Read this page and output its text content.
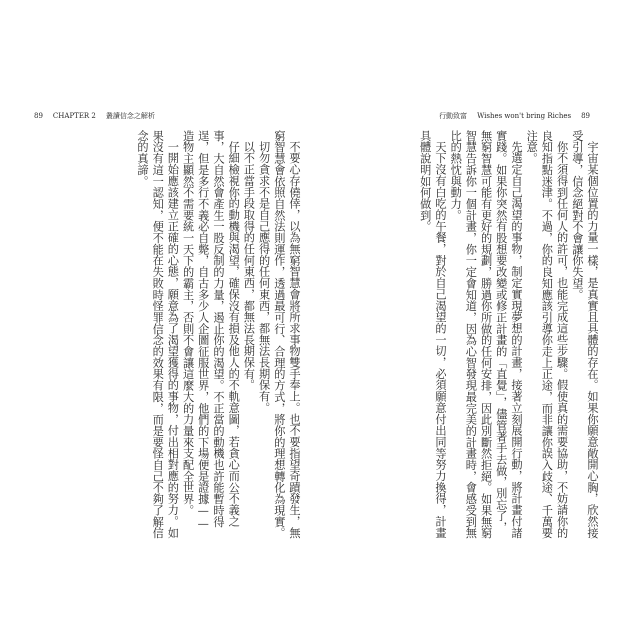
89 CHAPTER 2 叢讀信念之解析	行動致富 Wishes won't bring Riches 89

宇宙某個位置的力量一樣，是真實且具體的存在。如果你願意敞開心胸，欣然接受引導，信念絕對不會讓你失望。

你不須得到任何人的許可，也能完成這些步驟。假使真的需要協助，不妨請你的良知指點迷津。不過，你的良知應該引導你走上正途，而非讓你誤入歧途、千萬要注意。

先選定自己渴望的事物，制定實現夢想的計畫，接著立刻展開行動，將計畫付諸實踐。如果你突然有股想要改變或修正計畫的「直覺」，儘管著手去做，別忘了，無窮智慧可能有更好的規劃，勝過你所做的任何安排，因此別斷然拒絕。如果無窮智慧告訴你一個計畫，你一定會知道，因為心智發現最完美的計畫時，會感受到無比的熱忱與動力。

天下沒有白吃的午餐，對於自己渴望的一切，必須願意付出同等努力換得，計畫具體說明如何做到。

不要心存僥倖，以為無窮智慧會將所求事物雙手奉上。也不要指望奇蹟發生，無窮智慧會依照自然法則運作，透過最可行、合理的方式，將你的理想轉化為現實。

切勿貪求不是自己應得的任何東西，都無法長期保有。

以不正當手段取得的任何東西，都無法長期保有。

仔細檢視你的動機與渴望，確保沒有損及他人的不軌意圖，若貪心而公不義之事，大自然會產生一股反制的力量，遏止你的渴望。不正當的動機也許能暫時得逞，但是多行不義必自斃，自古多少人企圖征服世界，他們的下場便是證據——造物主顯然不需要統一天下的霸主，否則不會讓這麼大的力量來支配全世界。

一開始應該建立正確的心態，願意為了渴望獲得的事物，付出相對應的努力。如果沒有這一認知，便不能在失敗時怪罪信念的效果有限，而是要怪自己不夠了解信念的真諦。
